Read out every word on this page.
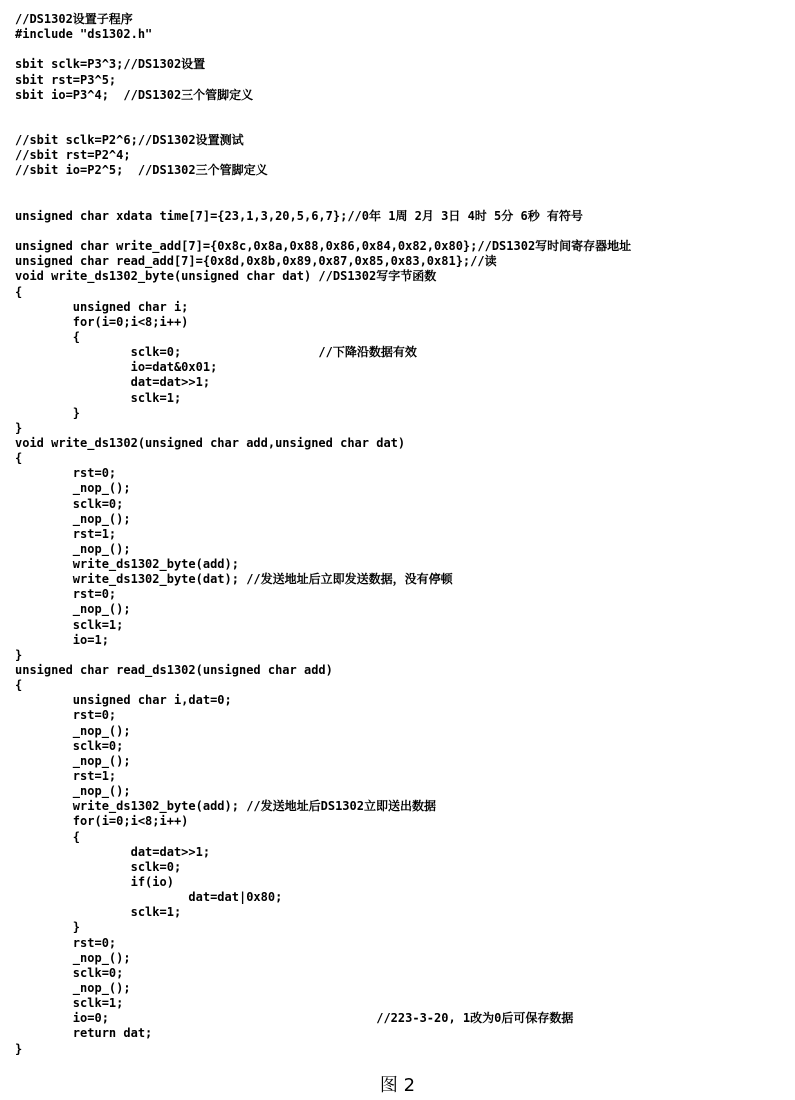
//DS1302设置子程序
#include "ds1302.h"
sbit sclk=P3^3;//DS1302设置
sbit rst=P3^5;
sbit io=P3^4;  //DS1302三个管脚定义
//sbit sclk=P2^6;//DS1302设置测试
//sbit rst=P2^4;
//sbit io=P2^5;  //DS1302三个管脚定义
unsigned char xdata time[7]={23,1,3,20,5,6,7};//0年 1周 2月 3日 4时 5分 6秒 有符号
unsigned char write_add[7]={0x8c,0x8a,0x88,0x86,0x84,0x82,0x80};//DS1302写时间寄存器地址
unsigned char read_add[7]={0x8d,0x8b,0x89,0x87,0x85,0x83,0x81};//读
void write_ds1302_byte(unsigned char dat) //DS1302写字节函数
{
	unsigned char i;
	for(i=0;i<8;i++)
	{
		sclk=0;                   //下降沿数据有效
		io=dat&0x01;
		dat=dat>>1;
		sclk=1;
	}
}
void write_ds1302(unsigned char add,unsigned char dat)
{
	rst=0;
	_nop_();
	sclk=0;
	_nop_();
	rst=1;
	_nop_();
	write_ds1302_byte(add);
	write_ds1302_byte(dat); //发送地址后立即发送数据，没有停顿
	rst=0;
	_nop_();
	sclk=1;
	io=1;
}
unsigned char read_ds1302(unsigned char add)
{
	unsigned char i,dat=0;
	rst=0;
	_nop_();
	sclk=0;
	_nop_();
	rst=1;
	_nop_();
	write_ds1302_byte(add); //发送地址后DS1302立即送出数据
	for(i=0;i<8;i++)
	{
		dat=dat>>1;
		sclk=0;
		if(io)
			dat=dat|0x80;
		sclk=1;
	}
	rst=0;
	_nop_();
	sclk=0;
	_nop_();
	sclk=1;
	io=0;                                     //223-3-20, 1改为0后可保存数据
	return dat;
}
图 2
